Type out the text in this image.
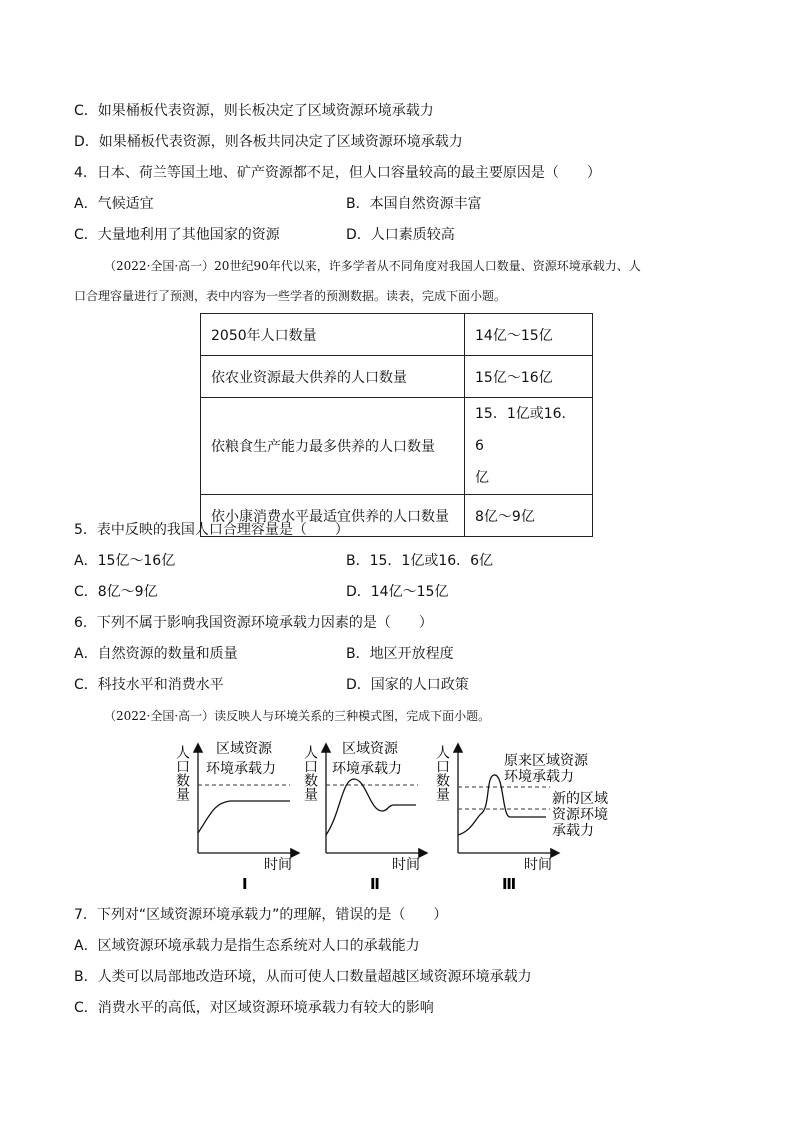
C．如果桶板代表资源，则长板决定了区域资源环境承载力
D．如果桶板代表资源，则各板共同决定了区域资源环境承载力
4．日本、荷兰等国土地、矿产资源都不足，但人口容量较高的最主要原因是（　　）
A．气候适宜	B．本国自然资源丰富
C．大量地利用了其他国家的资源	D．人口素质较高
（2022·全国·高一）20世纪90年代以来，许多学者从不同角度对我国人口数量、资源环境承载力、人
口合理容量进行了预测，表中内容为一些学者的预测数据。读表，完成下面小题。
2050年人口数量	14亿～15亿
依农业资源最大供养的人口数量	15亿～16亿
依粮食生产能力最多供养的人口数量	15．1亿或16．6
亿

依小康消费水平最适宜供养的人口数量	8亿～9亿
5．表中反映的我国人口合理容量是（　　）
A．15亿～16亿	B．15．1亿或16．6亿
C．8亿～9亿	D．14亿～15亿
6．下列不属于影响我国资源环境承载力因素的是（　　）
A．自然资源的数量和质量	B．地区开放程度
C．科技水平和消费水平	D．国家的人口政策
（2022·全国·高一）读反映人与环境关系的三种模式图，完成下面小题。
人口数量 区域资源
环境承载力
时间
Ⅰ
人口数量 区域资源
环境承载力
时间
Ⅱ
人口数量	原来区域资源
环境承载力
新的区域
资源环境
承载力
时间
Ⅲ
7．下列对“区域资源环境承载力”的理解，错误的是（　　）
A．区域资源环境承载力是指生态系统对人口的承载能力
B．人类可以局部地改造环境，从而可使人口数量超越区域资源环境承载力
C．消费水平的高低，对区域资源环境承载力有较大的影响
